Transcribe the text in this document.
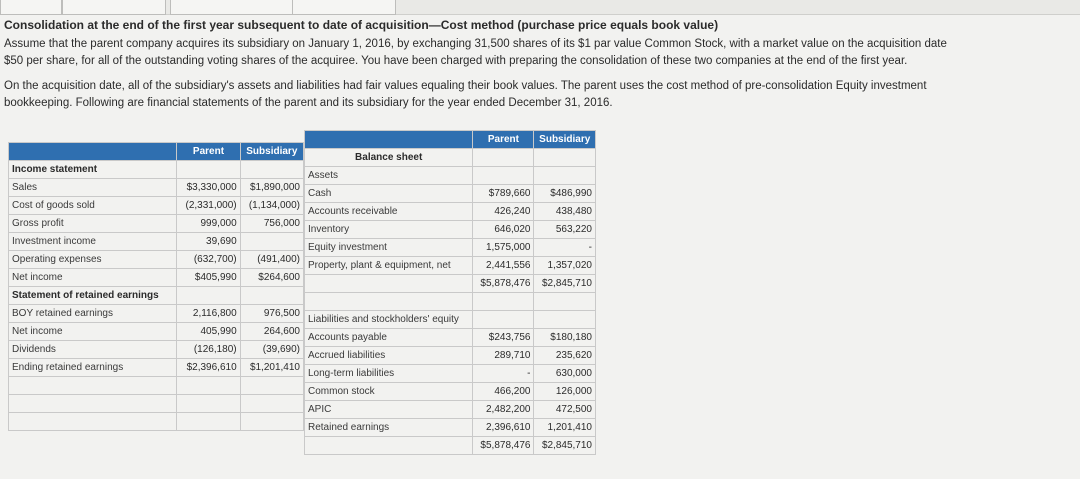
Consolidation at the end of the first year subsequent to date of acquisition—Cost method (purchase price equals book value)
Assume that the parent company acquires its subsidiary on January 1, 2016, by exchanging 31,500 shares of its $1 par value Common Stock, with a market value on the acquisition date
$50 per share, for all of the outstanding voting shares of the acquiree. You have been charged with preparing the consolidation of these two companies at the end of the first year.
On the acquisition date, all of the subsidiary's assets and liabilities had fair values equaling their book values. The parent uses the cost method of pre-consolidation Equity investment
bookkeeping. Following are financial statements of the parent and its subsidiary for the year ended December 31, 2016.
	Parent	Subsidiary
Income statement		
Sales	$3,330,000	$1,890,000
Cost of goods sold	(2,331,000)	(1,134,000)
Gross profit	999,000	756,000
Investment income	39,690	
Operating expenses	(632,700)	(491,400)
Net income	$405,990	$264,600
Statement of retained earnings		
BOY retained earnings	2,116,800	976,500
Net income	405,990	264,600
Dividends	(126,180)	(39,690)
Ending retained earnings	$2,396,610	$1,201,410

	Parent	Subsidiary
Balance sheet		
Assets		
Cash	$789,660	$486,990
Accounts receivable	426,240	438,480
Inventory	646,020	563,220
Equity investment	1,575,000	-
Property, plant & equipment, net	2,441,556	1,357,020
	$5,878,476	$2,845,710

Liabilities and stockholders' equity		
Accounts payable	$243,756	$180,180
Accrued liabilities	289,710	235,620
Long-term liabilities	-	630,000
Common stock	466,200	126,000
APIC	2,482,200	472,500
Retained earnings	2,396,610	1,201,410
	$5,878,476	$2,845,710
